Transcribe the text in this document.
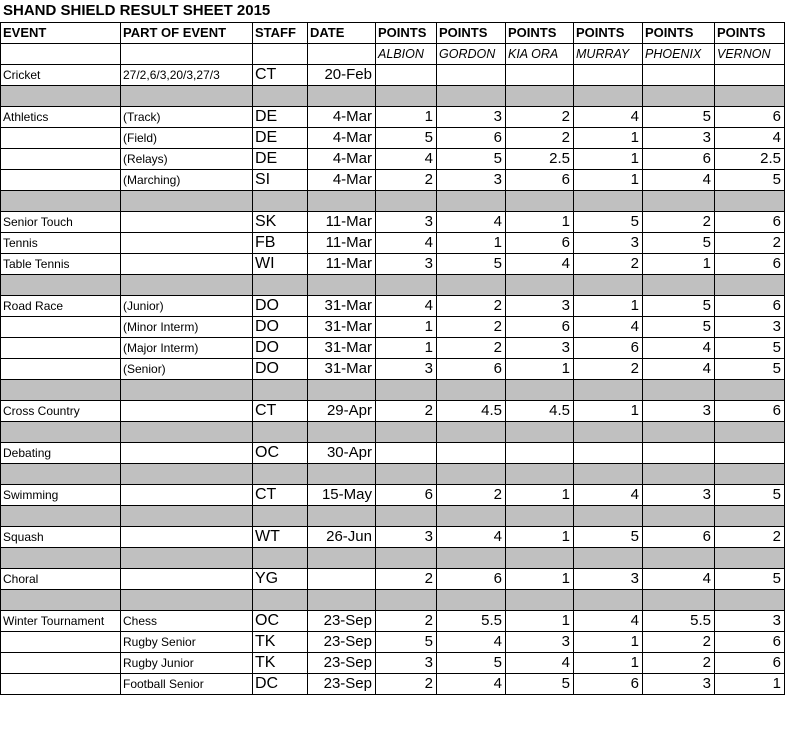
SHAND SHIELD RESULT SHEET 2015
EVENT	PART OF EVENT	STAFF	DATE	POINTS	POINTS	POINTS	POINTS	POINTS	POINTS
				ALBION	GORDON	KIA ORA	MURRAY	PHOENIX	VERNON
Cricket	27/2,6/3,20/3,27/3	CT	20-Feb						

Athletics	(Track)	DE	4-Mar	1	3	2	4	5	6
	(Field)	DE	4-Mar	5	6	2	1	3	4
	(Relays)	DE	4-Mar	4	5	2.5	1	6	2.5
	(Marching)	SI	4-Mar	2	3	6	1	4	5

Senior Touch		SK	11-Mar	3	4	1	5	2	6
Tennis		FB	11-Mar	4	1	6	3	5	2
Table Tennis		WI	11-Mar	3	5	4	2	1	6

Road Race	(Junior)	DO	31-Mar	4	2	3	1	5	6
	(Minor Interm)	DO	31-Mar	1	2	6	4	5	3
	(Major Interm)	DO	31-Mar	1	2	3	6	4	5
	(Senior)	DO	31-Mar	3	6	1	2	4	5

Cross Country		CT	29-Apr	2	4.5	4.5	1	3	6

Debating		OC	30-Apr						

Swimming		CT	15-May	6	2	1	4	3	5

Squash		WT	26-Jun	3	4	1	5	6	2

Choral		YG		2	6	1	3	4	5

Winter Tournament	Chess	OC	23-Sep	2	5.5	1	4	5.5	3
	Rugby Senior	TK	23-Sep	5	4	3	1	2	6
	Rugby Junior	TK	23-Sep	3	5	4	1	2	6
	Football Senior	DC	23-Sep	2	4	5	6	3	1
